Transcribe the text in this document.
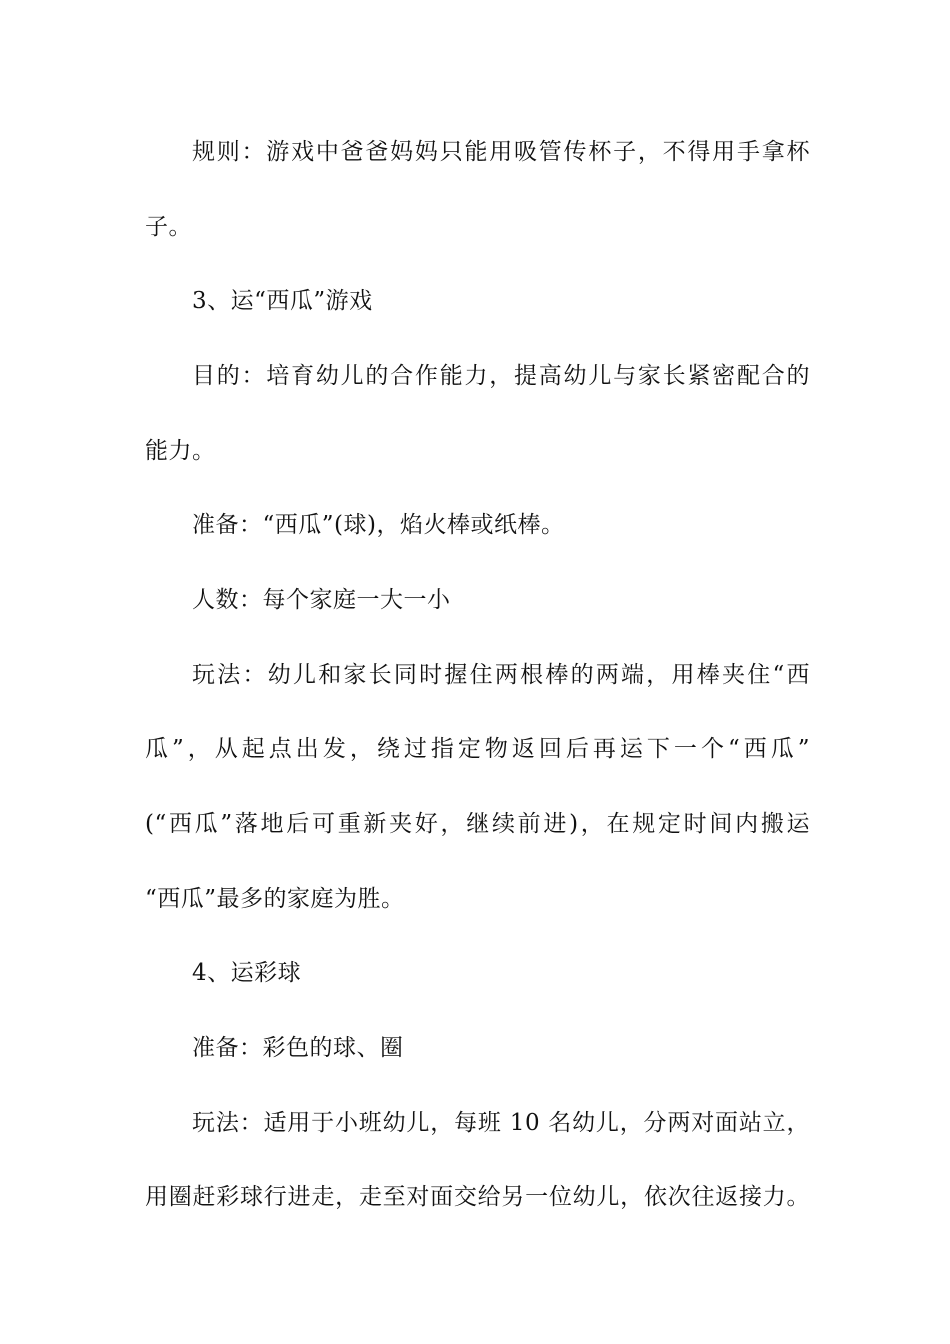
规则：游戏中爸爸妈妈只能用吸管传杯子，不得用手拿杯
子。
3、运“西瓜”游戏
目的：培育幼儿的合作能力，提高幼儿与家长紧密配合的
能力。
准备：“西瓜”(球)，焰火棒或纸棒。
人数：每个家庭一大一小
玩法：幼儿和家长同时握住两根棒的两端，用棒夹住“西
瓜”，从起点出发，绕过指定物返回后再运下一个“西瓜”
(“西瓜”落地后可重新夹好，继续前进)，在规定时间内搬运
“西瓜”最多的家庭为胜。
4、运彩球
准备：彩色的球、圈
玩法：适用于小班幼儿，每班 10 名幼儿，分两对面站立，
用圈赶彩球行进走，走至对面交给另一位幼儿，依次往返接力。
